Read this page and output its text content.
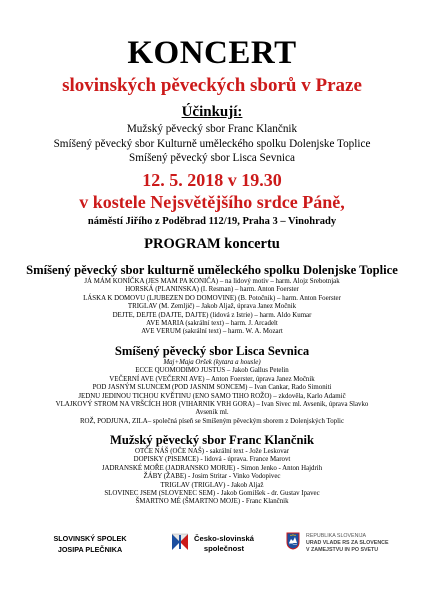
KONCERT
slovinských pěveckých sborů v Praze
Účinkují:
Mužský pěvecký sbor Franc Klančnik
Smíšený pěvecký sbor Kulturně uměleckého spolku Dolenjske Toplice
Smíšený pěvecký sbor Lisca Sevnica
12. 5. 2018 v 19.30
v kostele Nejsvětějšího srdce Páně,
náměstí Jiřího z Poděbrad 112/19, Praha 3 – Vinohrady
PROGRAM koncertu
Smíšený pěvecký sbor kulturně uměleckého spolku Dolenjske Toplice
JÁ MÁM KONÍČKA (JES MAM PA KONIČA) – na lidový motiv – harm. Alojz Srebotnjak
HORSKÁ (PLANINSKA) (I. Resman) – harm. Anton Foerster
LÁSKA K DOMOVU (LJUBEZEN DO DOMOVINE) (B. Potočnik) – harm. Anton Foerster
TRIGLAV (M. Zemljič) – Jakob Aljaž, úprava Janez Močnik
DEJTE, DEJTE (DAJTE, DAJTE) (lidová z Istrie) – harm. Aldo Kumar
AVE MARIA (sakrální text) – harm. J. Arcadelt
AVE VERUM (sakrální text) – harm. W. A. Mozart
Smíšený pěvecký sbor Lisca Sevnica
Maj+Maja Oršek (kytara a housle)
ECCE QUOMODIMO JUSTUS – Jakob Gallus Petelin
VEČERNÍ AVE (VEČERNI AVE) – Anton Foerster, úprava Janez Močnik
POD JASNÝM SLUNCEM (POD JASNIM SONCEM) – Ivan Cankar, Rado Simoniti
JEDNU JEDINOU TICHOU KVĚTINU (ENO SAMO TIHO ROŽO) – zkdověla, Karlo Adamič
VLAJKOVÝ STROM NA VRŠCÍCH HOR (VIHARNIK VRH GORA) – Ivan Sivec ml. Avsenik, úprava Slavko
Avsenik ml.
ROŽ, PODJUNA, ZILA– společná píseň se Smíšeným pěveckým sborem z Dolenjských Toplic
Mužský pěvecký sbor Franc Klančnik
OTČE NÁŠ (OČE NAŠ) - sakrální text - Jože Leskovar
DOPISKY (PISEMCE) - lidová - úprava. France Marovt
JADRANSKÉ MOŘE (JADRANSKO MORJE) - Simon Jenko - Anton Hajdrih
ŽÁBY (ŽABE) - Josim Stritar - Vinko Vodopivec
TRIGLAV (TRIGLAV) - Jakob Aljaž
SLOVINEC JSEM (SLOVENEC SEM) - Jakob Gomilšek - dr. Gustav Ipavec
ŠMARTNO MÉ (ŠMARTNO MOJE) - Franc Klančnik
SLOVINSKÝ SPOLEK
JOSIPA PLEČNIKA
Česko-slovinská
společnost
REPUBLIKA SLOVENIJA
URAD VLADE RS ZA SLOVENCE
V ZAMEJSTVU IN PO SVETU
